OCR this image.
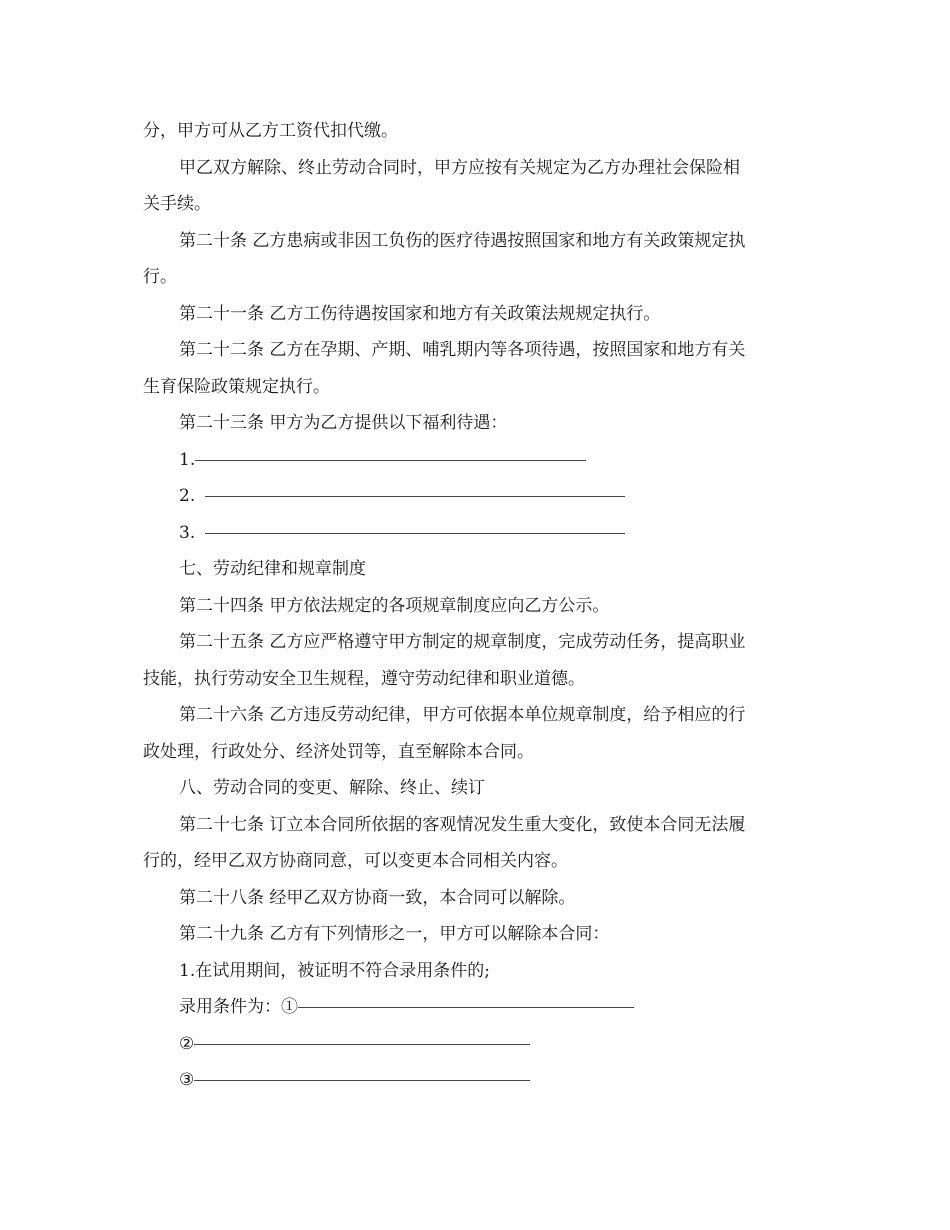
分，甲方可从乙方工资代扣代缴。

甲乙双方解除、终止劳动合同时，甲方应按有关规定为乙方办理社会保险相

关手续。

第二十条 乙方患病或非因工负伤的医疗待遇按照国家和地方有关政策规定执

行。

第二十一条 乙方工伤待遇按国家和地方有关政策法规规定执行。

第二十二条 乙方在孕期、产期、哺乳期内等各项待遇，按照国家和地方有关

生育保险政策规定执行。

第二十三条 甲方为乙方提供以下福利待遇：

1.
2.
3.

七、劳动纪律和规章制度

第二十四条 甲方依法规定的各项规章制度应向乙方公示。

第二十五条 乙方应严格遵守甲方制定的规章制度，完成劳动任务，提高职业

技能，执行劳动安全卫生规程，遵守劳动纪律和职业道德。

第二十六条 乙方违反劳动纪律，甲方可依据本单位规章制度，给予相应的行

政处理，行政处分、经济处罚等，直至解除本合同。

八、劳动合同的变更、解除、终止、续订

第二十七条 订立本合同所依据的客观情况发生重大变化，致使本合同无法履

行的，经甲乙双方协商同意，可以变更本合同相关内容。

第二十八条 经甲乙双方协商一致，本合同可以解除。

第二十九条 乙方有下列情形之一，甲方可以解除本合同：

1.在试用期间，被证明不符合录用条件的;

录用条件为：①
②
③
